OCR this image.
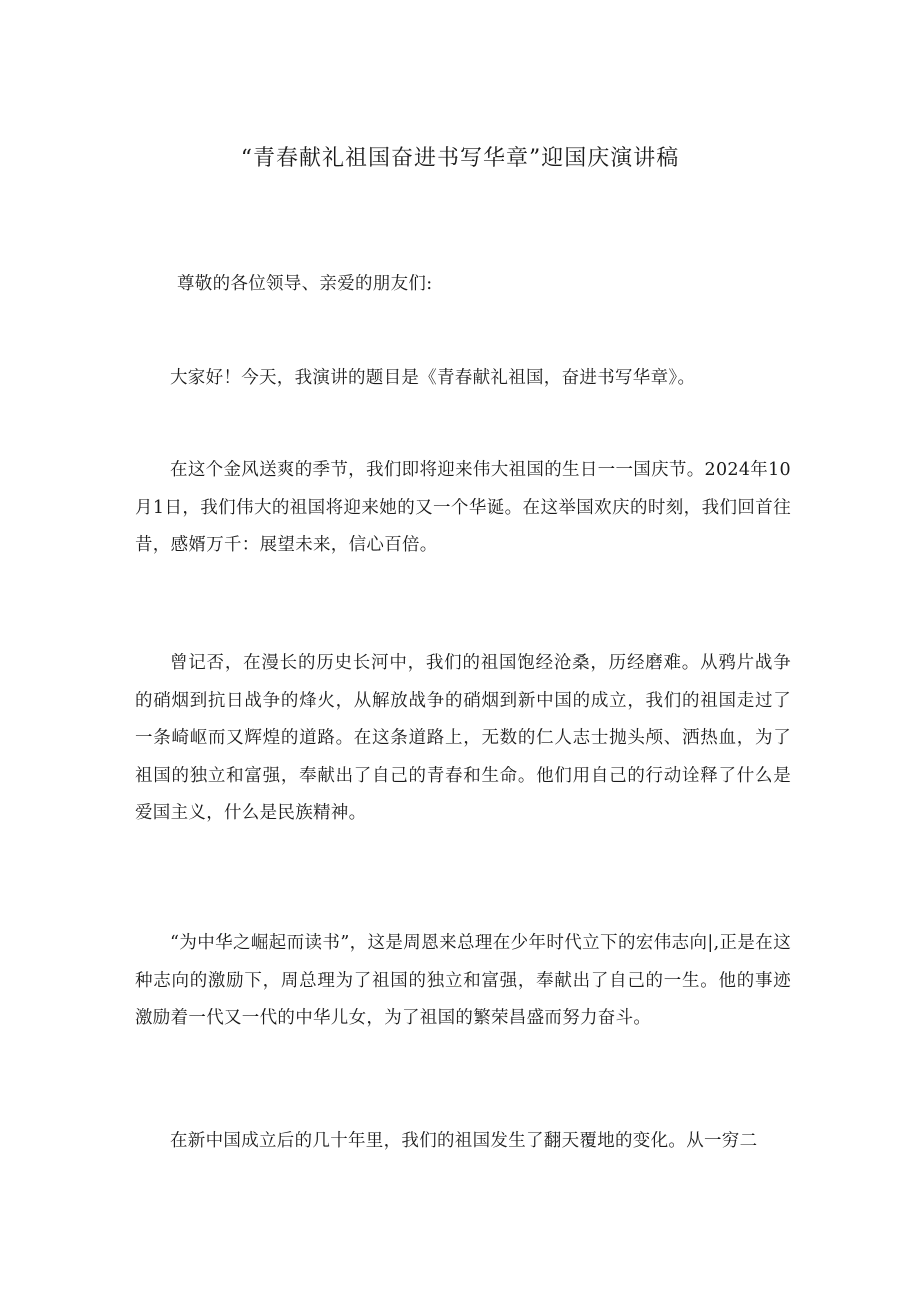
“青春献礼祖国奋进书写华章”迎国庆演讲稿

尊敬的各位领导、亲爱的朋友们:

大家好！今天，我演讲的题目是《青春献礼祖国，奋进书写华章》。

在这个金风送爽的季节，我们即将迎来伟大祖国的生日一一国庆节。2024年10月1日，我们伟大的祖国将迎来她的又一个华诞。在这举国欢庆的时刻，我们回首往昔，感婿万千：展望未来，信心百倍。

曾记否，在漫长的历史长河中，我们的祖国饱经沧桑，历经磨难。从鸦片战争的硝烟到抗日战争的烽火，从解放战争的硝烟到新中国的成立，我们的祖国走过了一条崎岖而又辉煌的道路。在这条道路上，无数的仁人志士抛头颅、洒热血，为了祖国的独立和富强，奉献出了自己的青春和生命。他们用自己的行动诠释了什么是爱国主义，什么是民族精神。

“为中华之崛起而读书”，这是周恩来总理在少年时代立下的宏伟志向|,正是在这种志向的激励下，周总理为了祖国的独立和富强，奉献出了自己的一生。他的事迹激励着一代又一代的中华儿女，为了祖国的繁荣昌盛而努力奋斗。

在新中国成立后的几十年里，我们的祖国发生了翻天覆地的变化。从一穷二
